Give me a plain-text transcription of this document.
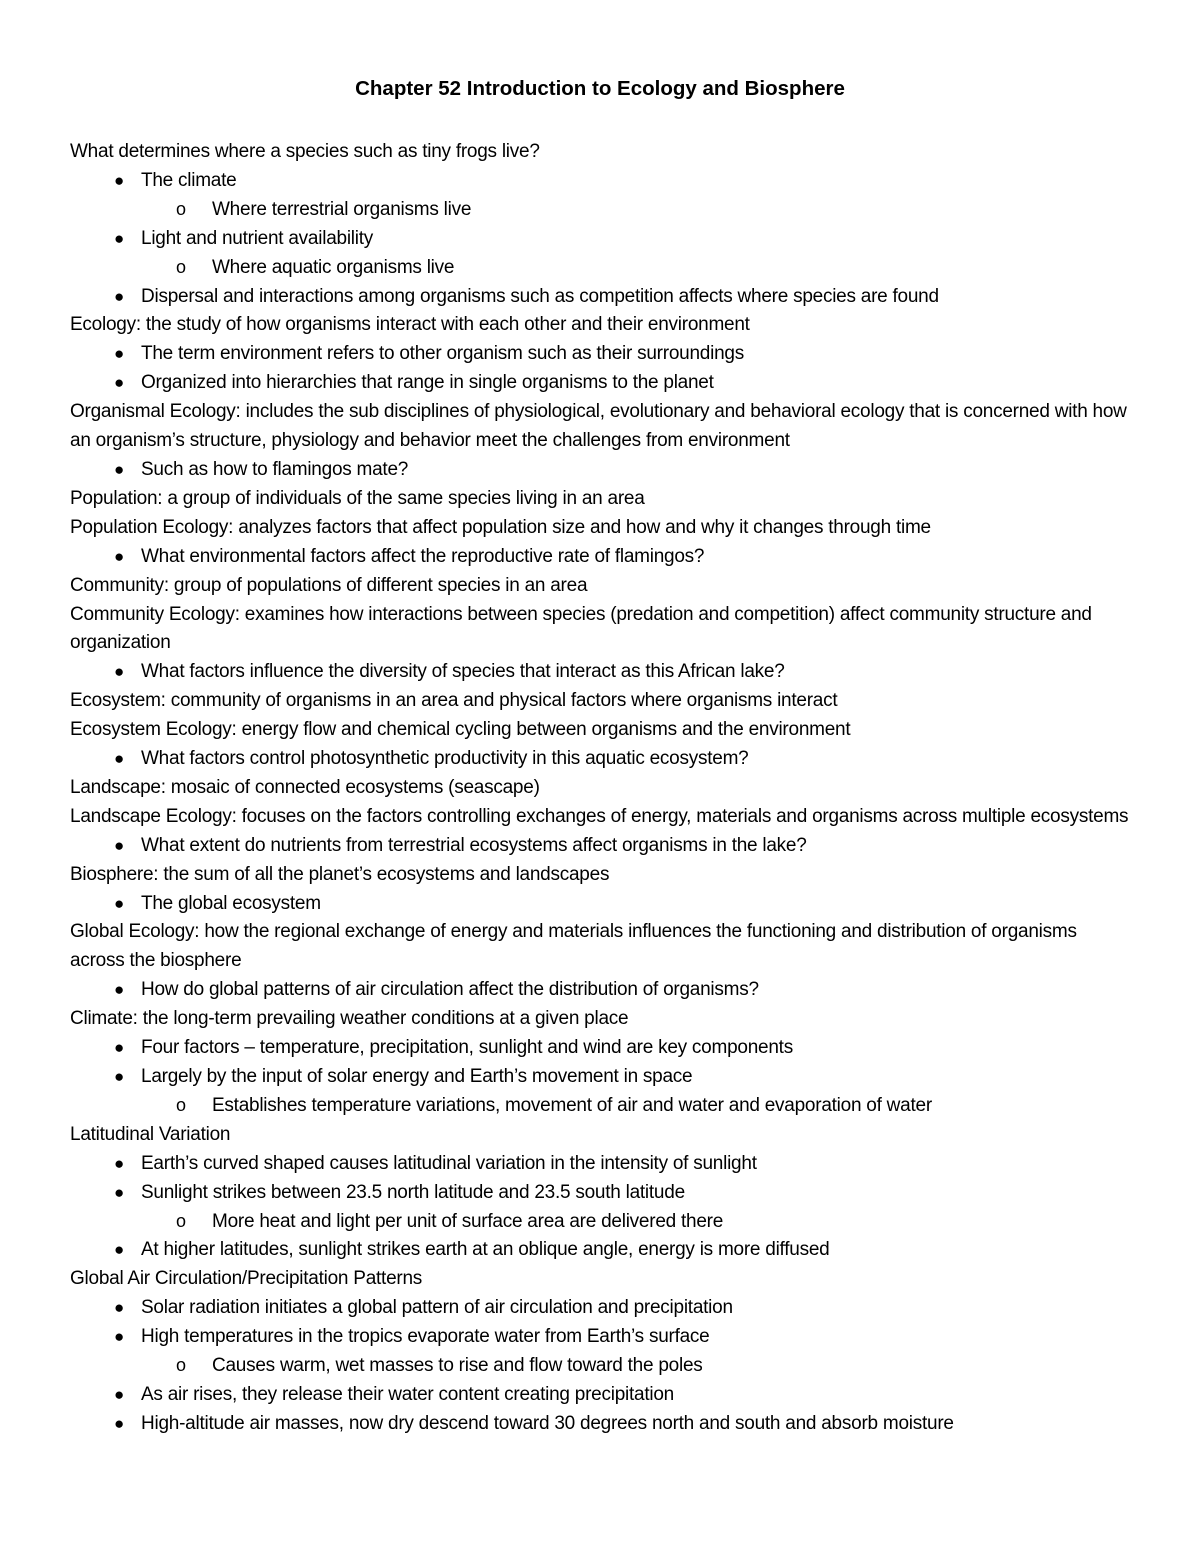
Chapter 52 Introduction to Ecology and Biosphere
What determines where a species such as tiny frogs live?
● The climate
o Where terrestrial organisms live
● Light and nutrient availability
o Where aquatic organisms live
● Dispersal and interactions among organisms such as competition affects where species are found
Ecology: the study of how organisms interact with each other and their environment
● The term environment refers to other organism such as their surroundings
● Organized into hierarchies that range in single organisms to the planet
Organismal Ecology: includes the sub disciplines of physiological, evolutionary and behavioral ecology that is concerned with how an organism’s structure, physiology and behavior meet the challenges from environment
● Such as how to flamingos mate?
Population: a group of individuals of the same species living in an area
Population Ecology: analyzes factors that affect population size and how and why it changes through time
● What environmental factors affect the reproductive rate of flamingos?
Community: group of populations of different species in an area
Community Ecology: examines how interactions between species (predation and competition) affect community structure and organization
● What factors influence the diversity of species that interact as this African lake?
Ecosystem: community of organisms in an area and physical factors where organisms interact
Ecosystem Ecology: energy flow and chemical cycling between organisms and the environment
● What factors control photosynthetic productivity in this aquatic ecosystem?
Landscape: mosaic of connected ecosystems (seascape)
Landscape Ecology: focuses on the factors controlling exchanges of energy, materials and organisms across multiple ecosystems
● What extent do nutrients from terrestrial ecosystems affect organisms in the lake?
Biosphere: the sum of all the planet’s ecosystems and landscapes
● The global ecosystem
Global Ecology: how the regional exchange of energy and materials influences the functioning and distribution of organisms across the biosphere
● How do global patterns of air circulation affect the distribution of organisms?
Climate: the long-term prevailing weather conditions at a given place
● Four factors – temperature, precipitation, sunlight and wind are key components
● Largely by the input of solar energy and Earth’s movement in space
o Establishes temperature variations, movement of air and water and evaporation of water
Latitudinal Variation
● Earth’s curved shaped causes latitudinal variation in the intensity of sunlight
● Sunlight strikes between 23.5 north latitude and 23.5 south latitude
o More heat and light per unit of surface area are delivered there
● At higher latitudes, sunlight strikes earth at an oblique angle, energy is more diffused
Global Air Circulation/Precipitation Patterns
● Solar radiation initiates a global pattern of air circulation and precipitation
● High temperatures in the tropics evaporate water from Earth’s surface
o Causes warm, wet masses to rise and flow toward the poles
● As air rises, they release their water content creating precipitation
● High-altitude air masses, now dry descend toward 30 degrees north and south and absorb moisture
